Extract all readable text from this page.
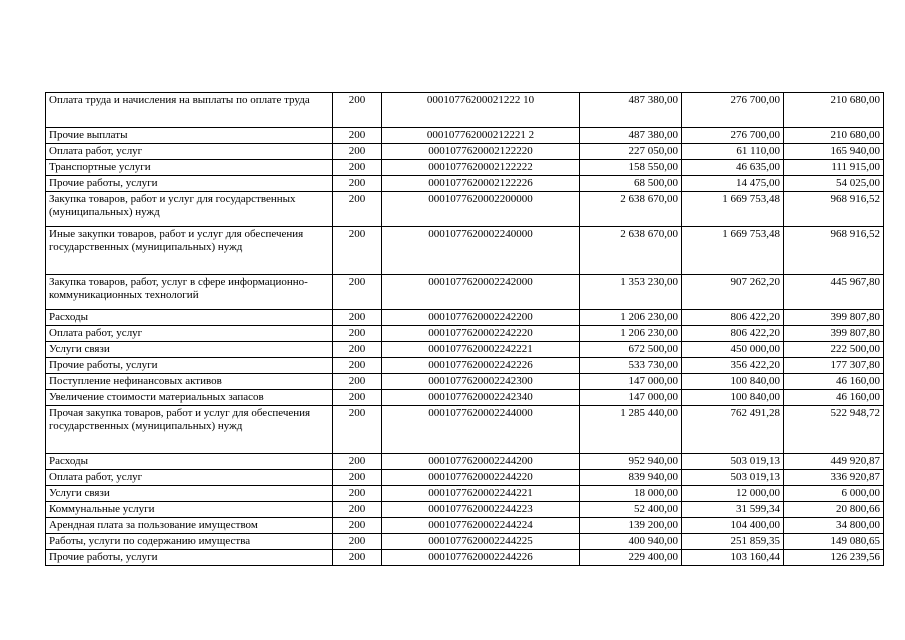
Оплата труда и начисления на выплаты по оплате труда	200	00010776200021222 10	487 380,00	276 700,00	210 680,00
Прочие выплаты	200	000107762000212221 2	487 380,00	276 700,00	210 680,00
Оплата работ, услуг	200	0001077620002122220	227 050,00	61 110,00	165 940,00
Транспортные услуги	200	0001077620002122222	158 550,00	46 635,00	111 915,00
Прочие работы, услуги	200	0001077620002122226	68 500,00	14 475,00	54 025,00
Закупка товаров, работ и услуг для государственных (муниципальных) нужд	200	0001077620002200000	2 638 670,00	1 669 753,48	968 916,52
Иные закупки товаров, работ и услуг для обеспечения государственных (муниципальных) нужд	200	0001077620002240000	2 638 670,00	1 669 753,48	968 916,52
Закупка товаров, работ, услуг в сфере информационно-коммуникационных технологий	200	0001077620002242000	1 353 230,00	907 262,20	445 967,80
Расходы	200	0001077620002242200	1 206 230,00	806 422,20	399 807,80
Оплата работ, услуг	200	0001077620002242220	1 206 230,00	806 422,20	399 807,80
Услуги связи	200	0001077620002242221	672 500,00	450 000,00	222 500,00
Прочие работы, услуги	200	0001077620002242226	533 730,00	356 422,20	177 307,80
Поступление нефинансовых активов	200	0001077620002242300	147 000,00	100 840,00	46 160,00
Увеличение стоимости материальных запасов	200	0001077620002242340	147 000,00	100 840,00	46 160,00
Прочая закупка товаров, работ и услуг для обеспечения государственных (муниципальных) нужд	200	0001077620002244000	1 285 440,00	762 491,28	522 948,72
Расходы	200	0001077620002244200	952 940,00	503 019,13	449 920,87
Оплата работ, услуг	200	0001077620002244220	839 940,00	503 019,13	336 920,87
Услуги связи	200	0001077620002244221	18 000,00	12 000,00	6 000,00
Коммунальные услуги	200	0001077620002244223	52 400,00	31 599,34	20 800,66
Арендная плата за пользование имуществом	200	0001077620002244224	139 200,00	104 400,00	34 800,00
Работы, услуги по содержанию имущества	200	0001077620002244225	400 940,00	251 859,35	149 080,65
Прочие работы, услуги	200	0001077620002244226	229 400,00	103 160,44	126 239,56
